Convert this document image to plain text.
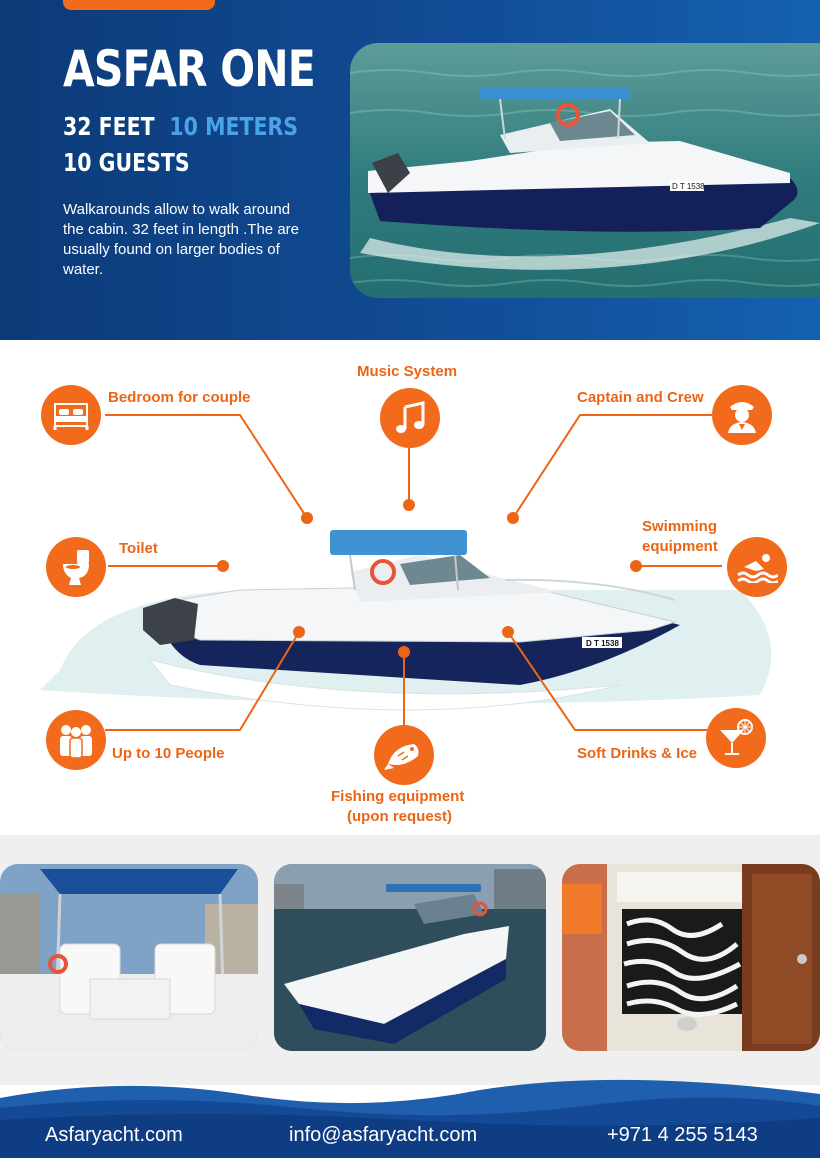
ASFAR ONE
32 FEET 10 METERS
10 GUESTS
Walkarounds allow to walk around the cabin. 32 feet in length .The are usually found on larger bodies of water.
D T 1538
D T 1538
Bedroom for couple
Music System
Captain and Crew
Toilet
Swimming
equipment
Up to 10 People
Fishing equipment
(upon request)
Soft Drinks & Ice
Asfaryacht.com	info@asfaryacht.com	+971 4 255 5143
